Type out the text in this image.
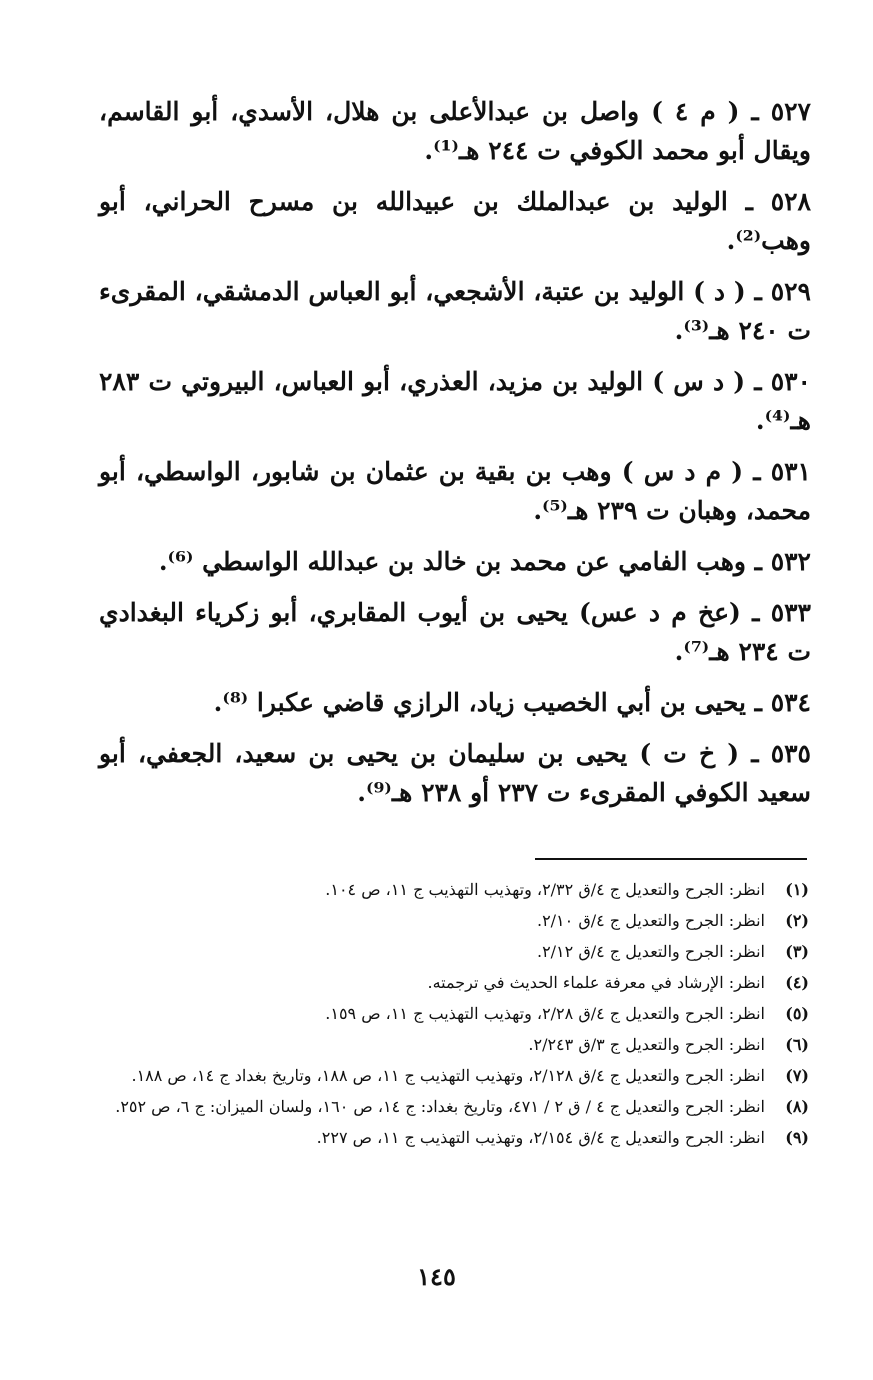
٥٢٧ ـ ( م ٤ ) واصل بن عبدالأعلى بن هلال، الأسدي، أبو القاسم، ويقال أبو محمد الكوفي ت ٢٤٤ هـ⁽¹⁾.
٥٢٨ ـ الوليد بن عبدالملك بن عبيدالله بن مسرح الحراني، أبو وهب⁽²⁾.
٥٢٩ ـ ( د ) الوليد بن عتبة، الأشجعي، أبو العباس الدمشقي، المقرىء ت ٢٤٠ هـ⁽³⁾.
٥٣٠ ـ ( د س ) الوليد بن مزيد، العذري، أبو العباس، البيروتي ت ٢٨٣ هـ⁽⁴⁾.
٥٣١ ـ ( م د س ) وهب بن بقية بن عثمان بن شابور، الواسطي، أبو محمد، وهبان ت ٢٣٩ هـ⁽⁵⁾.
٥٣٢ ـ وهب الفامي عن محمد بن خالد بن عبدالله الواسطي ⁽⁶⁾.
٥٣٣ ـ (عخ م د عس) يحيى بن أيوب المقابري، أبو زكرياء البغدادي ت ٢٣٤ هـ⁽⁷⁾.
٥٣٤ ـ يحيى بن أبي الخصيب زياد، الرازي قاضي عكبرا ⁽⁸⁾.
٥٣٥ ـ ( خ ت ) يحيى بن سليمان بن يحيى بن سعيد، الجعفي، أبو سعيد الكوفي المقرىء ت ٢٣٧ أو ٢٣٨ هـ⁽⁹⁾.
(١)
انظر: الجرح والتعديل ج ٤/ق ٢/٣٢، وتهذيب التهذيب ج ١١، ص ١٠٤.
(٢)
انظر: الجرح والتعديل ج ٤/ق ٢/١٠.
(٣)
انظر: الجرح والتعديل ج ٤/ق ٢/١٢.
(٤)
انظر: الإرشاد في معرفة علماء الحديث في ترجمته.
(٥)
انظر: الجرح والتعديل ج ٤/ق ٢/٢٨، وتهذيب التهذيب ج ١١، ص ١٥٩.
(٦)
انظر: الجرح والتعديل ج ٣/ق ٢/٢٤٣.
(٧)
انظر: الجرح والتعديل ج ٤/ق ٢/١٢٨، وتهذيب التهذيب ج ١١، ص ١٨٨، وتاريخ بغداد ج ١٤، ص ١٨٨.
(٨)
انظر: الجرح والتعديل ج ٤ / ق ٢ / ٤٧١، وتاريخ بغداد: ج ١٤، ص ١٦٠، ولسان الميزان: ج ٦، ص ٢٥٢.
(٩)
انظر: الجرح والتعديل ج ٤/ق ٢/١٥٤، وتهذيب التهذيب ج ١١، ص ٢٢٧.
١٤٥
